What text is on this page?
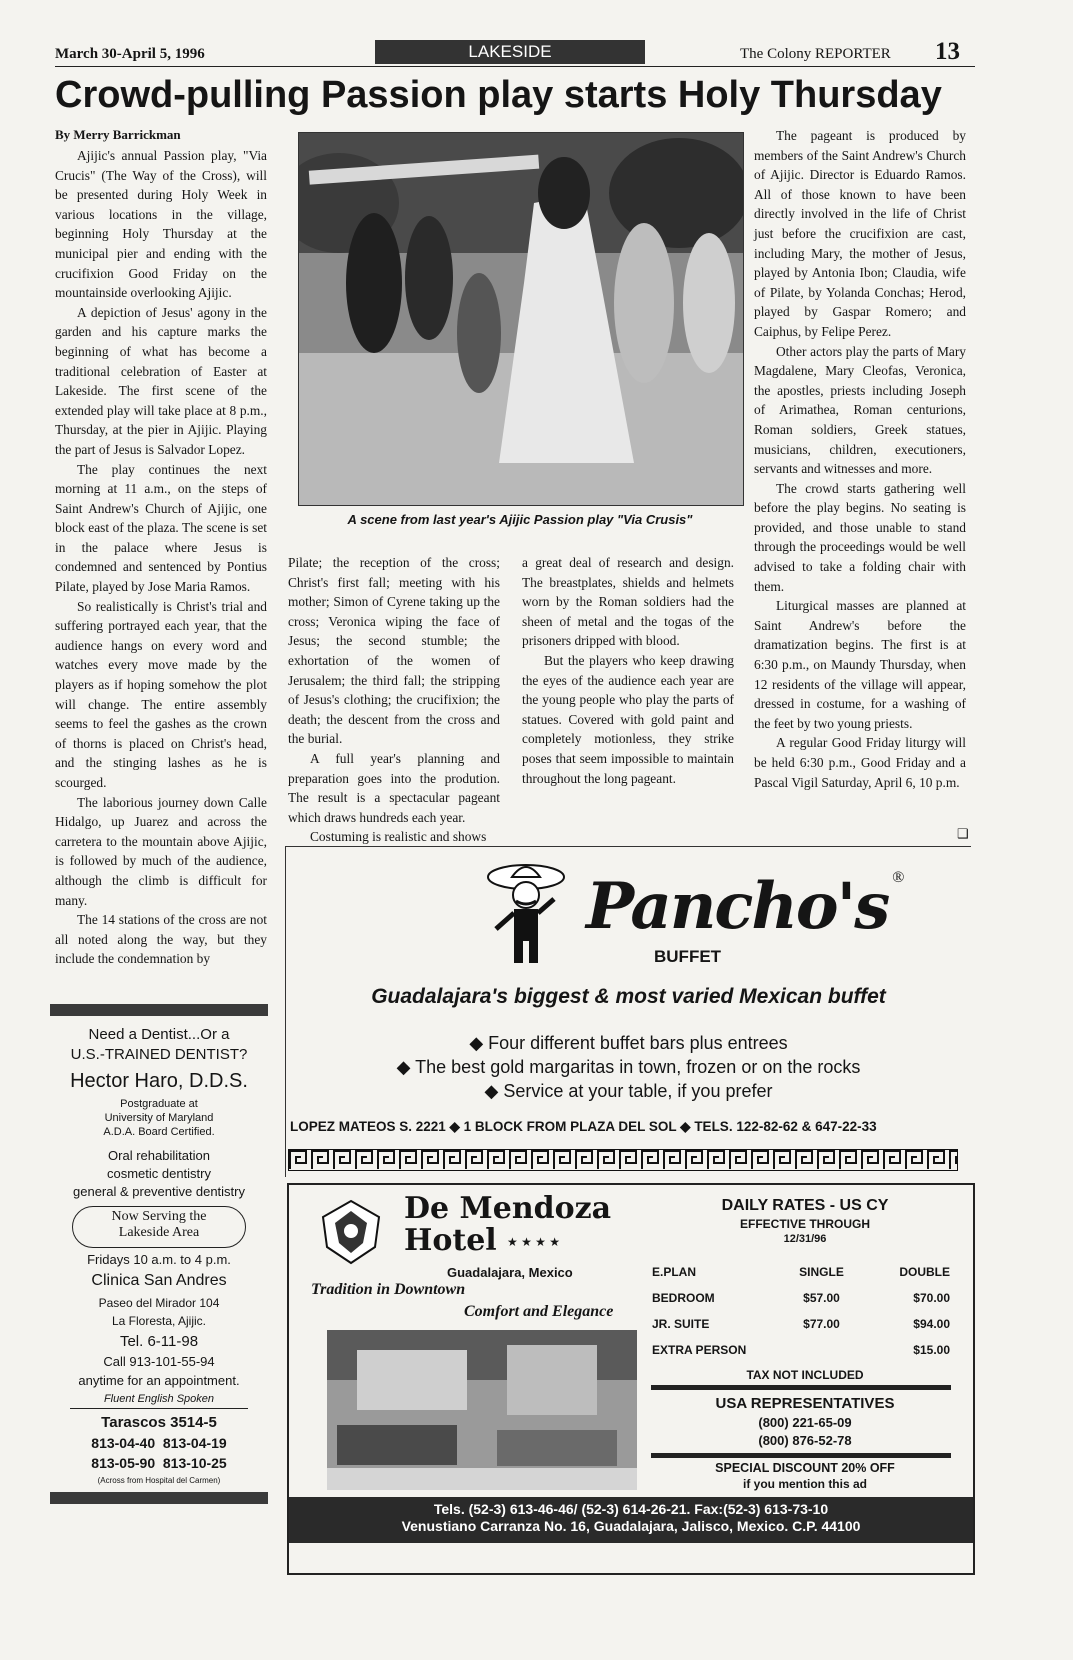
March 30-April 5, 1996	LAKESIDE	The Colony REPORTER 13
Crowd-pulling Passion play starts Holy Thursday
By Merry Barrickman
A scene from last year's Ajijic Passion play "Via Crusis"

Ajijic's annual Passion play, "Via Crucis" (The Way of the Cross), will be presented during Holy Week in various locations in the village, beginning Holy Thursday at the municipal pier and ending with the crucifixion Good Friday on the mountainside overlooking Ajijic.

A depiction of Jesus' agony in the garden and his capture marks the beginning of what has become a traditional celebration of Easter at Lakeside. The first scene of the extended play will take place at 8 p.m., Thursday, at the pier in Ajijic. Playing the part of Jesus is Salvador Lopez.

The play continues the next morning at 11 a.m., on the steps of Saint Andrew's Church of Ajijic, one block east of the plaza. The scene is set in the palace where Jesus is condemned and sentenced by Pontius Pilate, played by Jose Maria Ramos.

So realistically is Christ's trial and suffering portrayed each year, that the audience hangs on every word and watches every move made by the players as if hoping somehow the plot will change. The entire assembly seems to feel the gashes as the crown of thorns is placed on Christ's head, and the stinging lashes as he is scourged.

The laborious journey down Calle Hidalgo, up Juarez and across the carretera to the mountain above Ajijic, is followed by much of the audience, although the climb is difficult for many.

The 14 stations of the cross are not all noted along the way, but they include the condemnation by

Pilate; the reception of the cross; Christ's first fall; meeting with his mother; Simon of Cyrene taking up the cross; Veronica wiping the face of Jesus; the second stumble; the exhortation of the women of Jerusalem; the third fall; the stripping of Jesus's clothing; the crucifixion; the death; the descent from the cross and the burial.

A full year's planning and preparation goes into the prodution. The result is a spectacular pageant which draws hundreds each year.

Costuming is realistic and shows

a great deal of research and design. The breastplates, shields and helmets worn by the Roman soldiers had the sheen of metal and the togas of the prisoners dripped with blood.

But the players who keep drawing the eyes of the audience each year are the young people who play the parts of statues. Covered with gold paint and completely motionless, they strike poses that seem impossible to maintain throughout the long pageant.

The pageant is produced by members of the Saint Andrew's Church of Ajijic. Director is Eduardo Ramos. All of those known to have been directly involved in the life of Christ just before the crucifixion are cast, including Mary, the mother of Jesus, played by Antonia Ibon; Claudia, wife of Pilate, by Yolanda Conchas; Herod, played by Gaspar Romero; and Caiphus, by Felipe Perez.

Other actors play the parts of Mary Magdalene, Mary Cleofas, Veronica, the apostles, priests including Joseph of Arimathea, Roman centurions, Roman soldiers, Greek statues, musicians, children, executioners, servants and witnesses and more.

The crowd starts gathering well before the play begins. No seating is provided, and those unable to stand through the proceedings would be well advised to take a folding chair with them.

Liturgical masses are planned at Saint Andrew's before the dramatization begins. The first is at 6:30 p.m., on Maundy Thursday, when 12 residents of the village will appear, dressed in costume, for a washing of the feet by two young priests.

A regular Good Friday liturgy will be held 6:30 p.m., Good Friday and a Pascal Vigil Saturday, April 6, 10 p.m.

❑
Need a Dentist...Or a
U.S.-TRAINED DENTIST?
Hector Haro, D.D.S.
Postgraduate at
University of Maryland
A.D.A. Board Certified.
Oral rehabilitation
cosmetic dentistry
general & preventive dentistry
Now Serving the
Lakeside Area
Fridays 10 a.m. to 4 p.m.
Clinica San Andres
Paseo del Mirador 104
La Floresta, Ajijic.
Tel. 6-11-98
Call 913-101-55-94
anytime for an appointment.
Fluent English Spoken
Tarascos 3514-5
813-04-40  813-04-19
813-05-90  813-10-25
(Across from Hospital del Carmen)
Pancho's ®
BUFFET
Guadalajara's biggest & most varied Mexican buffet
◆ Four different buffet bars plus entrees
◆ The best gold margaritas in town, frozen or on the rocks
◆ Service at your table, if you prefer
LOPEZ MATEOS S. 2221 ◆ 1 BLOCK FROM PLAZA DEL SOL ◆ TELS. 122-82-62 & 647-22-33
De Mendoza
Hotel ★ ★ ★ ★
Guadalajara, Mexico
Tradition in Downtown
Comfort and Elegance
DAILY RATES - US CY
EFFECTIVE THROUGH
12/31/96
E.PLAN	SINGLE	DOUBLE
BEDROOM	$57.00	$70.00
JR. SUITE	$77.00	$94.00
EXTRA PERSON		$15.00
TAX NOT INCLUDED
USA REPRESENTATIVES
(800) 221-65-09
(800) 876-52-78
SPECIAL DISCOUNT 20% OFF
if you mention this ad
Tels. (52-3) 613-46-46/ (52-3) 614-26-21. Fax:(52-3) 613-73-10
Venustiano Carranza No. 16, Guadalajara, Jalisco, Mexico. C.P. 44100
